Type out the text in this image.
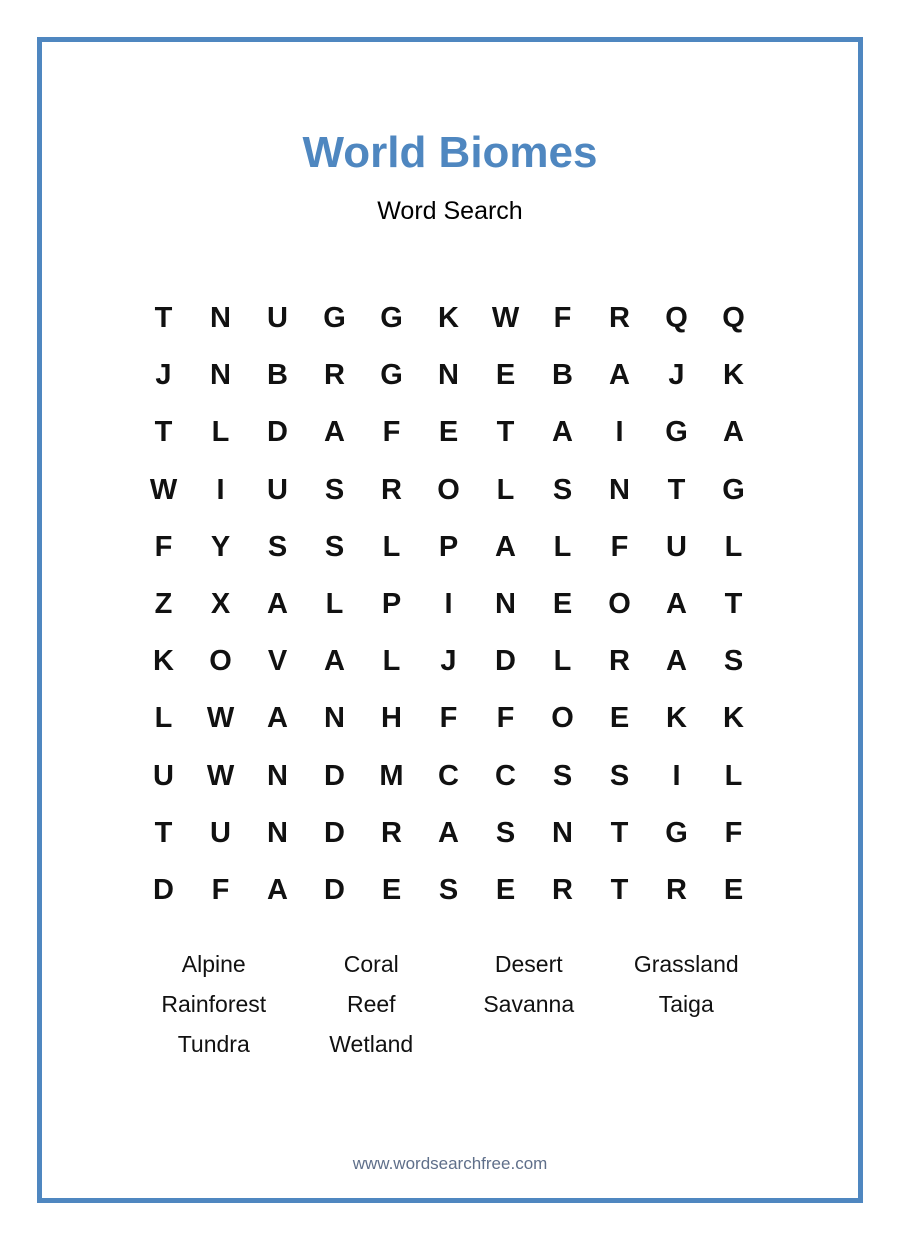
World Biomes
Word Search
T	N	U	G	G	K	W	F	R	Q	Q
J	N	B	R	G	N	E	B	A	J	K
T	L	D	A	F	E	T	A	I	G	A
W	I	U	S	R	O	L	S	N	T	G
F	Y	S	S	L	P	A	L	F	U	L
Z	X	A	L	P	I	N	E	O	A	T
K	O	V	A	L	J	D	L	R	A	S
L	W	A	N	H	F	F	O	E	K	K
U	W	N	D	M	C	C	S	S	I	L
T	U	N	D	R	A	S	N	T	G	F
D	F	A	D	E	S	E	R	T	R	E
Alpine	Coral	Desert	Grassland
Rainforest	Reef	Savanna	Taiga
Tundra	Wetland
www.wordsearchfree.com
